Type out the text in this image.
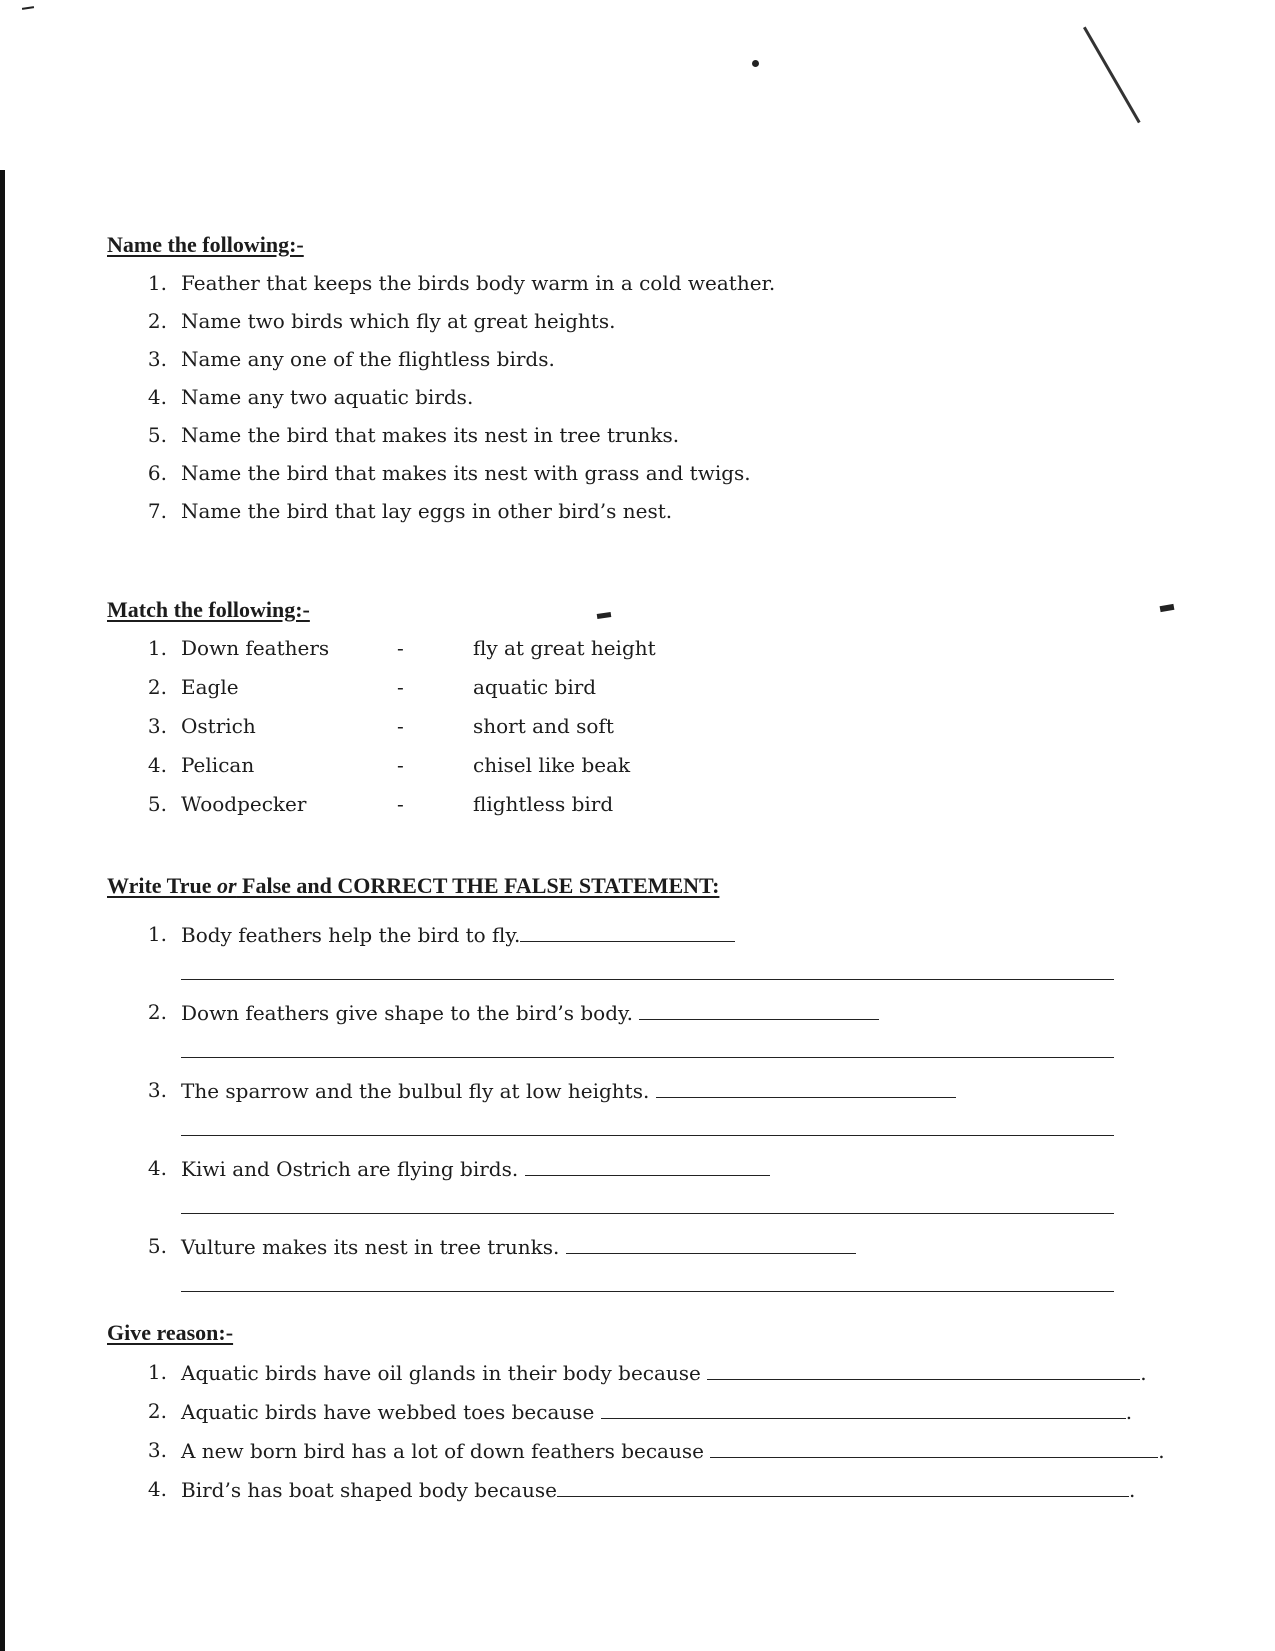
Name the following:-
1. Feather that keeps the birds body warm in a cold weather.
2. Name two birds which fly at great heights.
3. Name any one of the flightless birds.
4. Name any two aquatic birds.
5. Name the bird that makes its nest in tree trunks.
6. Name the bird that makes its nest with grass and twigs.
7. Name the bird that lay eggs in other bird’s nest.
Match the following:-
1. Down feathers	-	fly at great height
2. Eagle	-	aquatic bird
3. Ostrich	-	short and soft
4. Pelican	-	chisel like beak
5. Woodpecker	-	flightless bird
Write True or False and CORRECT THE FALSE STATEMENT:
1. Body feathers help the bird to fly.
2. Down feathers give shape to the bird’s body.
3. The sparrow and the bulbul fly at low heights.
4. Kiwi and Ostrich are flying birds.
5. Vulture makes its nest in tree trunks.
Give reason:-
1. Aquatic birds have oil glands in their body because	.
2. Aquatic birds have webbed toes because	.
3. A new born bird has a lot of down feathers because	.
4. Bird’s has boat shaped body because	.
